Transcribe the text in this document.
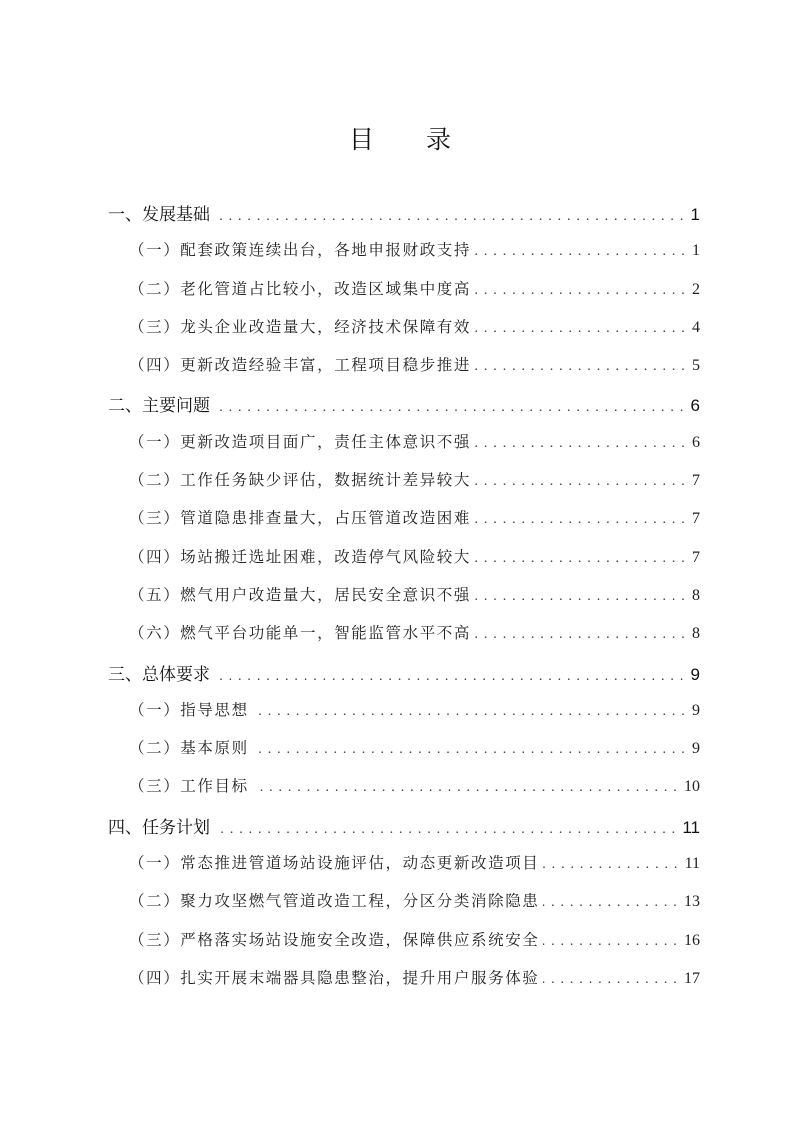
目 录
一、发展基础 . . .	1
（一）配套政策连续出台，各地申报财政支持 . . .	1
（二）老化管道占比较小，改造区域集中度高 . . .	2
（三）龙头企业改造量大，经济技术保障有效 . . .	4
（四）更新改造经验丰富，工程项目稳步推进 . . .	5
二、主要问题 . . .	6
（一）更新改造项目面广，责任主体意识不强 . . .	6
（二）工作任务缺少评估，数据统计差异较大 . . .	7
（三）管道隐患排查量大，占压管道改造困难 . . .	7
（四）场站搬迁选址困难，改造停气风险较大 . . .	7
（五）燃气用户改造量大，居民安全意识不强 . . .	8
（六）燃气平台功能单一，智能监管水平不高 . . .	8
三、总体要求 . . .	9
（一）指导思想 . . .	9
（二）基本原则 . . .	9
（三）工作目标 . . .	10
四、任务计划 . . .	11
（一）常态推进管道场站设施评估，动态更新改造项目 . . .	11
（二）聚力攻坚燃气管道改造工程，分区分类消除隐患 . . .	13
（三）严格落实场站设施安全改造，保障供应系统安全 . . .	16
（四）扎实开展末端器具隐患整治，提升用户服务体验 . . .	17
